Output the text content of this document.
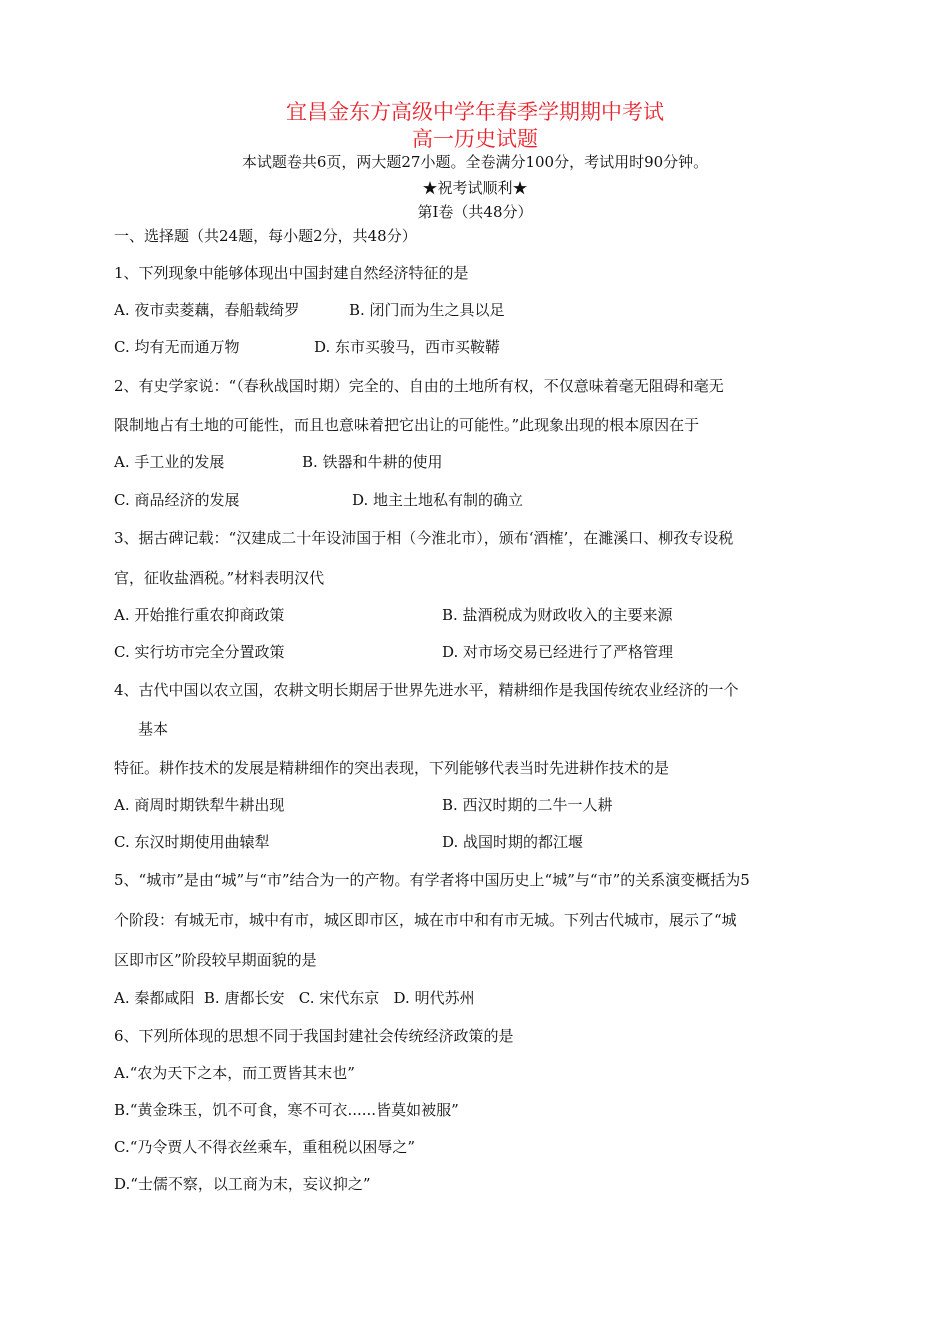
宜昌金东方高级中学年春季学期期中考试
高一历史试题
本试题卷共6页，两大题27小题。全卷满分100分，考试用时90分钟。
★祝考试顺利★
第Ⅰ卷（共48分）
一、选择题（共24题，每小题2分，共48分）
1、下列现象中能够体现出中国封建自然经济特征的是
A. 夜市卖菱藕，春船载绮罗	B. 闭门而为生之具以足
C. 均有无而通万物	D. 东市买骏马，西市买鞍鞯
2、有史学家说：“（春秋战国时期）完全的、自由的土地所有权，不仅意味着毫无阻碍和毫无
限制地占有土地的可能性，而且也意味着把它出让的可能性。”此现象出现的根本原因在于
A. 手工业的发展	B. 铁器和牛耕的使用
C. 商品经济的发展	D. 地主土地私有制的确立
3、据古碑记载：“汉建成二十年设沛国于相（今淮北市），颁布‘酒榷’，在濉溪口、柳孜专设税
官，征收盐酒税。”材料表明汉代
A. 开始推行重农抑商政策	B. 盐酒税成为财政收入的主要来源
C. 实行坊市完全分置政策	D. 对市场交易已经进行了严格管理
4、古代中国以农立国，农耕文明长期居于世界先进水平，精耕细作是我国传统农业经济的一个
基本
特征。耕作技术的发展是精耕细作的突出表现，下列能够代表当时先进耕作技术的是
A. 商周时期铁犁牛耕出现	B. 西汉时期的二牛一人耕
C. 东汉时期使用曲辕犁	D. 战国时期的都江堰
5、“城市”是由“城”与“市”结合为一的产物。有学者将中国历史上“城”与“市”的关系演变概括为5
个阶段：有城无市，城中有市，城区即市区，城在市中和有市无城。下列古代城市，展示了“城
区即市区”阶段较早期面貌的是
A. 秦都咸阳  B. 唐都长安   C. 宋代东京   D. 明代苏州
6、下列所体现的思想不同于我国封建社会传统经济政策的是
A.“农为天下之本，而工贾皆其末也”
B.“黄金珠玉，饥不可食，寒不可衣......皆莫如被服”
C.“乃令贾人不得衣丝乘车，重租税以困辱之”
D.“士儒不察，以工商为末，妄议抑之”
